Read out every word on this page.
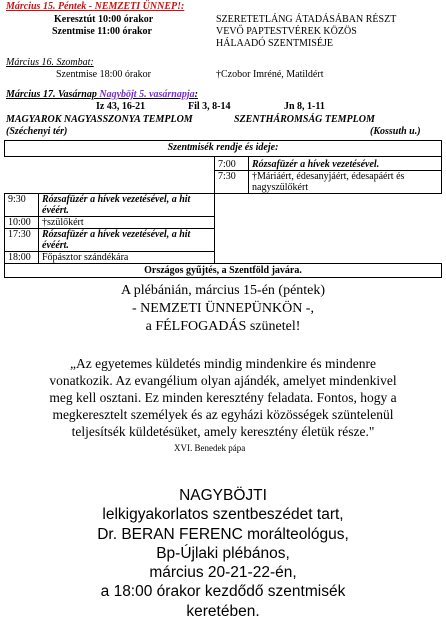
Március 15. Péntek - NEMZETI ÜNNEP!:
Keresztút 10:00 órakor
Szentmise 11:00 órakor
SZERETETLÁNG ÁTADÁSÁBAN RÉSZT
VEVŐ PAPTESTVÉREK KÖZÖS
HÁLAADÓ SZENTMISÉJE
Március 16. Szombat:
Szentmise 18:00 órakor	†Czobor Imréné, Matildért
Március 17. Vasárnap Nagyböjt 5. vasárnapja:
Iz 43, 16-21	Fil 3, 8-14	Jn 8, 1-11
MAGYAROK NAGYASSZONYA TEMPLOM	SZENTHÁROMSÁG TEMPLOM
(Széchenyi tér)	(Kossuth u.)
Szentmisék rendje és ideje:			
		7:00	Rózsafüzér a hívek vezetésével.
		7:30	†Máriáért, édesanyjáért, édesapáért és nagyszülőkért
9:30	Rózsafüzér a hívek vezetésével, a hit évéért.		
10:00	†szülőkért		
17:30	Rózsafüzér a hívek vezetésével, a hit évéért.		
18:00	Főpásztor szándékára		
Országos gyűjtés, a Szentföld javára.			
A plébánián, március 15-én (péntek)
- NEMZETI ÜNNEPÜNKÖN -,
a FÉLFOGADÁS szünetel!
„Az egyetemes küldetés mindig mindenkire és mindenre
vonatkozik. Az evangélium olyan ajándék, amelyet mindenkivel
meg kell osztani. Ez minden keresztény feladata. Fontos, hogy a
megkeresztelt személyek és az egyházi közösségek szüntelenül
teljesítsék küldetésüket, amely keresztény életük része."
XVI. Benedek pápa
NAGYBÖJTI
lelkigyakorlatos szentbeszédet tart,
Dr. BERAN FERENC morálteológus,
Bp-Újlaki plébános,
március 20-21-22-én,
a 18:00 órakor kezdődő szentmisék
keretében.
